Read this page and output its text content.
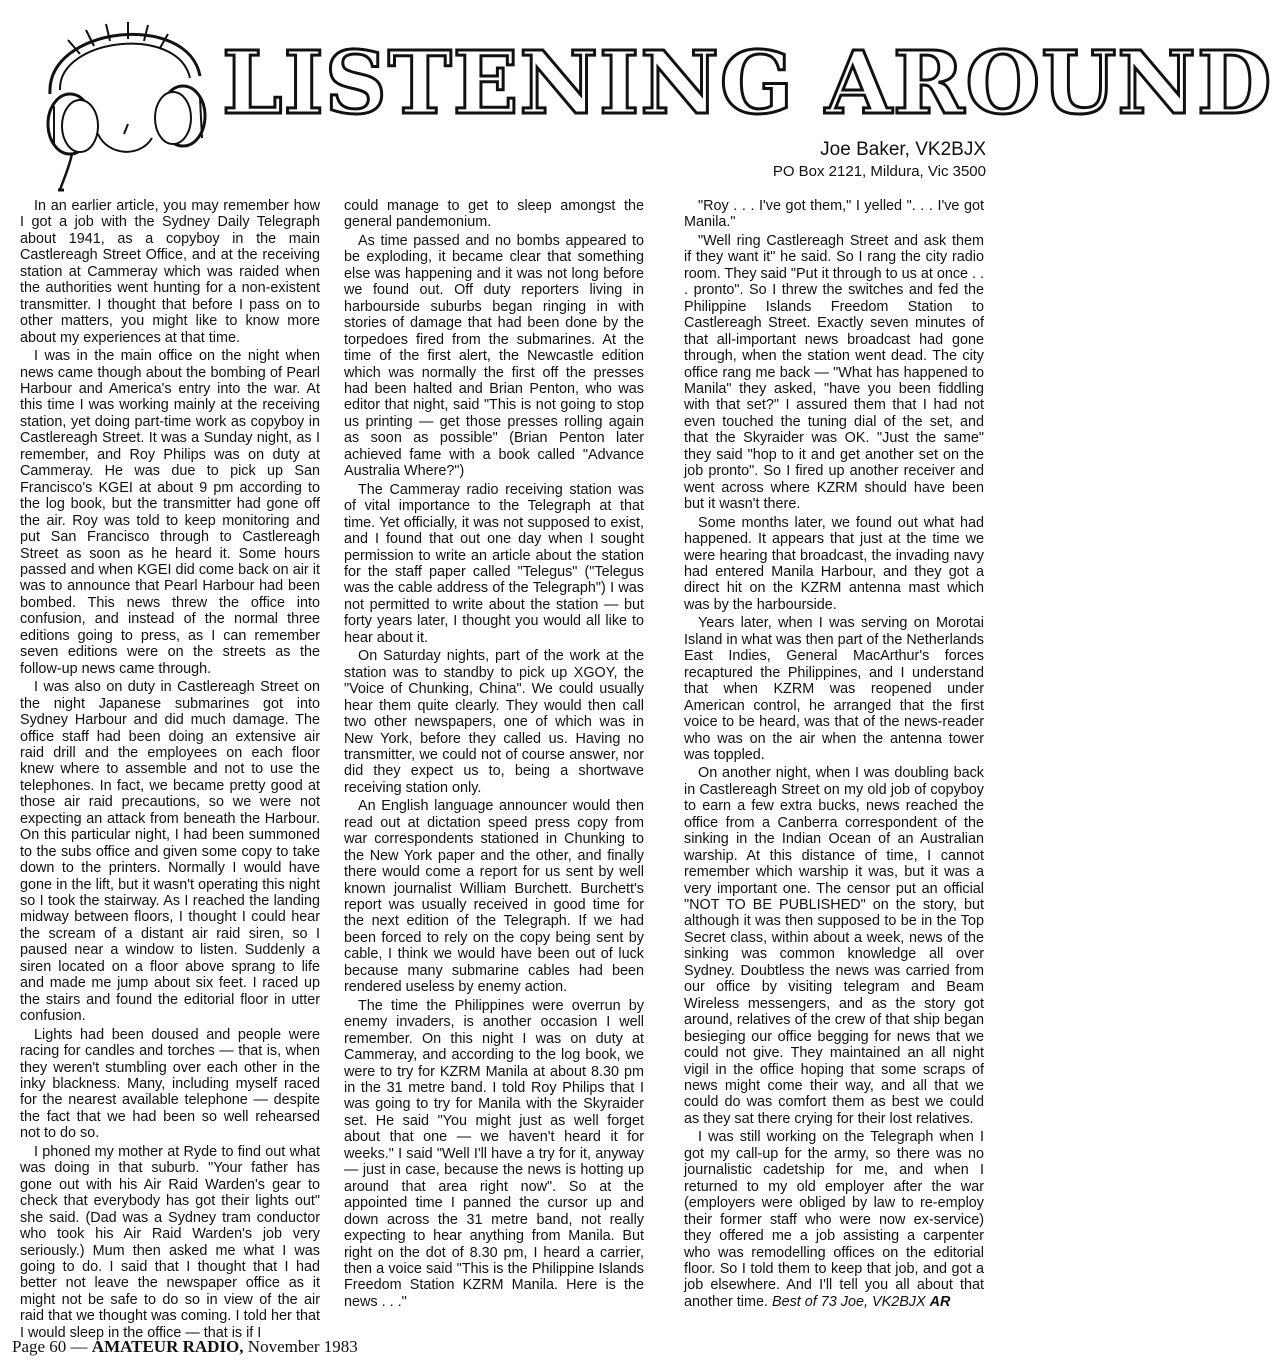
LISTENING AROUND
Joe Baker, VK2BJX
PO Box 2121, Mildura, Vic 3500

In an earlier article, you may remember how I got a job with the Sydney Daily Telegraph about 1941, as a copyboy in the main Castlereagh Street Office, and at the receiving station at Cammeray which was raided when the authorities went hunting for a non-existent transmitter. I thought that before I pass on to other matters, you might like to know more about my experiences at that time.

I was in the main office on the night when news came though about the bombing of Pearl Harbour and America's entry into the war. At this time I was working mainly at the receiving station, yet doing part-time work as copyboy in Castlereagh Street. It was a Sunday night, as I remember, and Roy Philips was on duty at Cammeray. He was due to pick up San Francisco's KGEI at about 9 pm according to the log book, but the transmitter had gone off the air. Roy was told to keep monitoring and put San Francisco through to Castlereagh Street as soon as he heard it. Some hours passed and when KGEI did come back on air it was to announce that Pearl Harbour had been bombed. This news threw the office into confusion, and instead of the normal three editions going to press, as I can remember seven editions were on the streets as the follow-up news came through.

I was also on duty in Castlereagh Street on the night Japanese submarines got into Sydney Harbour and did much damage. The office staff had been doing an extensive air raid drill and the employees on each floor knew where to assemble and not to use the telephones. In fact, we became pretty good at those air raid precautions, so we were not expecting an attack from beneath the Harbour. On this particular night, I had been summoned to the subs office and given some copy to take down to the printers. Normally I would have gone in the lift, but it wasn't operating this night so I took the stairway. As I reached the landing midway between floors, I thought I could hear the scream of a distant air raid siren, so I paused near a window to listen. Suddenly a siren located on a floor above sprang to life and made me jump about six feet. I raced up the stairs and found the editorial floor in utter confusion.

Lights had been doused and people were racing for candles and torches — that is, when they weren't stumbling over each other in the inky blackness. Many, including myself raced for the nearest available telephone — despite the fact that we had been so well rehearsed not to do so.

I phoned my mother at Ryde to find out what was doing in that suburb. "Your father has gone out with his Air Raid Warden's gear to check that everybody has got their lights out" she said. (Dad was a Sydney tram conductor who took his Air Raid Warden's job very seriously.) Mum then asked me what I was going to do. I said that I thought that I had better not leave the newspaper office as it might not be safe to do so in view of the air raid that we thought was coming. I told her that I would sleep in the office — that is if I

could manage to get to sleep amongst the general pandemonium.

As time passed and no bombs appeared to be exploding, it became clear that something else was happening and it was not long before we found out. Off duty reporters living in harbourside suburbs began ringing in with stories of damage that had been done by the torpedoes fired from the submarines. At the time of the first alert, the Newcastle edition which was normally the first off the presses had been halted and Brian Penton, who was editor that night, said "This is not going to stop us printing — get those presses rolling again as soon as possible" (Brian Penton later achieved fame with a book called "Advance Australia Where?")

The Cammeray radio receiving station was of vital importance to the Telegraph at that time. Yet officially, it was not supposed to exist, and I found that out one day when I sought permission to write an article about the station for the staff paper called "Telegus" ("Telegus was the cable address of the Telegraph") I was not permitted to write about the station — but forty years later, I thought you would all like to hear about it.

On Saturday nights, part of the work at the station was to standby to pick up XGOY, the "Voice of Chunking, China". We could usually hear them quite clearly. They would then call two other newspapers, one of which was in New York, before they called us. Having no transmitter, we could not of course answer, nor did they expect us to, being a shortwave receiving station only.

An English language announcer would then read out at dictation speed press copy from war correspondents stationed in Chunking to the New York paper and the other, and finally there would come a report for us sent by well known journalist William Burchett. Burchett's report was usually received in good time for the next edition of the Telegraph. If we had been forced to rely on the copy being sent by cable, I think we would have been out of luck because many submarine cables had been rendered useless by enemy action.

The time the Philippines were overrun by enemy invaders, is another occasion I well remember. On this night I was on duty at Cammeray, and according to the log book, we were to try for KZRM Manila at about 8.30 pm in the 31 metre band. I told Roy Philips that I was going to try for Manila with the Skyraider set. He said "You might just as well forget about that one — we haven't heard it for weeks." I said "Well I'll have a try for it, anyway — just in case, because the news is hotting up around that area right now". So at the appointed time I panned the cursor up and down across the 31 metre band, not really expecting to hear anything from Manila. But right on the dot of 8.30 pm, I heard a carrier, then a voice said "This is the Philippine Islands Freedom Station KZRM Manila. Here is the news . . ."

"Roy . . . I've got them," I yelled ". . . I've got Manila."

"Well ring Castlereagh Street and ask them if they want it" he said. So I rang the city radio room. They said "Put it through to us at once . . . pronto". So I threw the switches and fed the Philippine Islands Freedom Station to Castlereagh Street. Exactly seven minutes of that all-important news broadcast had gone through, when the station went dead. The city office rang me back — "What has happened to Manila" they asked, "have you been fiddling with that set?" I assured them that I had not even touched the tuning dial of the set, and that the Skyraider was OK. "Just the same" they said "hop to it and get another set on the job pronto". So I fired up another receiver and went across where KZRM should have been but it wasn't there.

Some months later, we found out what had happened. It appears that just at the time we were hearing that broadcast, the invading navy had entered Manila Harbour, and they got a direct hit on the KZRM antenna mast which was by the harbourside.

Years later, when I was serving on Morotai Island in what was then part of the Netherlands East Indies, General MacArthur's forces recaptured the Philippines, and I understand that when KZRM was reopened under American control, he arranged that the first voice to be heard, was that of the news-reader who was on the air when the antenna tower was toppled.

On another night, when I was doubling back in Castlereagh Street on my old job of copyboy to earn a few extra bucks, news reached the office from a Canberra correspondent of the sinking in the Indian Ocean of an Australian warship. At this distance of time, I cannot remember which warship it was, but it was a very important one. The censor put an official "NOT TO BE PUBLISHED" on the story, but although it was then supposed to be in the Top Secret class, within about a week, news of the sinking was common knowledge all over Sydney. Doubtless the news was carried from our office by visiting telegram and Beam Wireless messengers, and as the story got around, relatives of the crew of that ship began besieging our office begging for news that we could not give. They maintained an all night vigil in the office hoping that some scraps of news might come their way, and all that we could do was comfort them as best we could as they sat there crying for their lost relatives.

I was still working on the Telegraph when I got my call-up for the army, so there was no journalistic cadetship for me, and when I returned to my old employer after the war (employers were obliged by law to re-employ their former staff who were now ex-service) they offered me a job assisting a carpenter who was remodelling offices on the editorial floor. So I told them to keep that job, and got a job elsewhere. And I'll tell you all about that another time. Best of 73 Joe, VK2BJX AR

Page 60 — AMATEUR RADIO, November 1983
